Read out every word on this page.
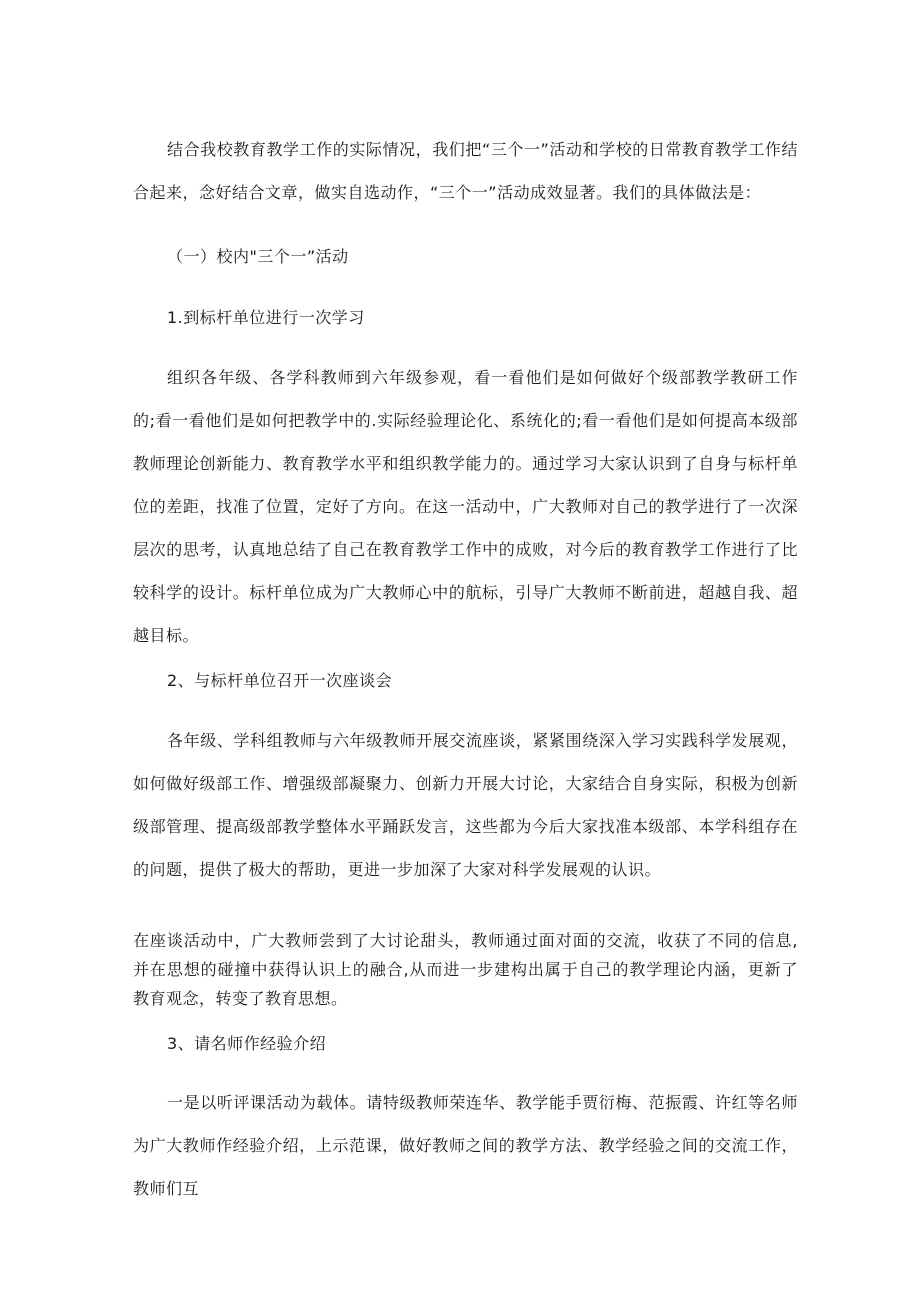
结合我校教育教学工作的实际情况，我们把“三个一”活动和学校的日常教育教学工作结合起来，念好结合文章，做实自选动作，“三个一”活动成效显著。我们的具体做法是：

（一）校内"三个一”活动

1.到标杆单位进行一次学习

组织各年级、各学科教师到六年级参观，看一看他们是如何做好个级部教学教研工作的;看一看他们是如何把教学中的.实际经验理论化、系统化的;看一看他们是如何提高本级部教师理论创新能力、教育教学水平和组织教学能力的。通过学习大家认识到了自身与标杆单位的差距，找准了位置，定好了方向。在这一活动中，广大教师对自己的教学进行了一次深层次的思考，认真地总结了自己在教育教学工作中的成败，对今后的教育教学工作进行了比较科学的设计。标杆单位成为广大教师心中的航标，引导广大教师不断前进，超越自我、超越目标。

2、与标杆单位召开一次座谈会

各年级、学科组教师与六年级教师开展交流座谈，紧紧围绕深入学习实践科学发展观，如何做好级部工作、增强级部凝聚力、创新力开展大讨论，大家结合自身实际，积极为创新级部管理、提高级部教学整体水平踊跃发言，这些都为今后大家找准本级部、本学科组存在的问题，提供了极大的帮助，更进一步加深了大家对科学发展观的认识。

在座谈活动中，广大教师尝到了大讨论甜头，教师通过面对面的交流，收获了不同的信息,并在思想的碰撞中获得认识上的融合,从而进一步建构出属于自己的教学理论内涵，更新了教育观念，转变了教育思想。

3、请名师作经验介绍

一是以听评课活动为载体。请特级教师荣连华、教学能手贾衍梅、范振霞、许红等名师为广大教师作经验介绍，上示范课，做好教师之间的教学方法、教学经验之间的交流工作，教师们互
